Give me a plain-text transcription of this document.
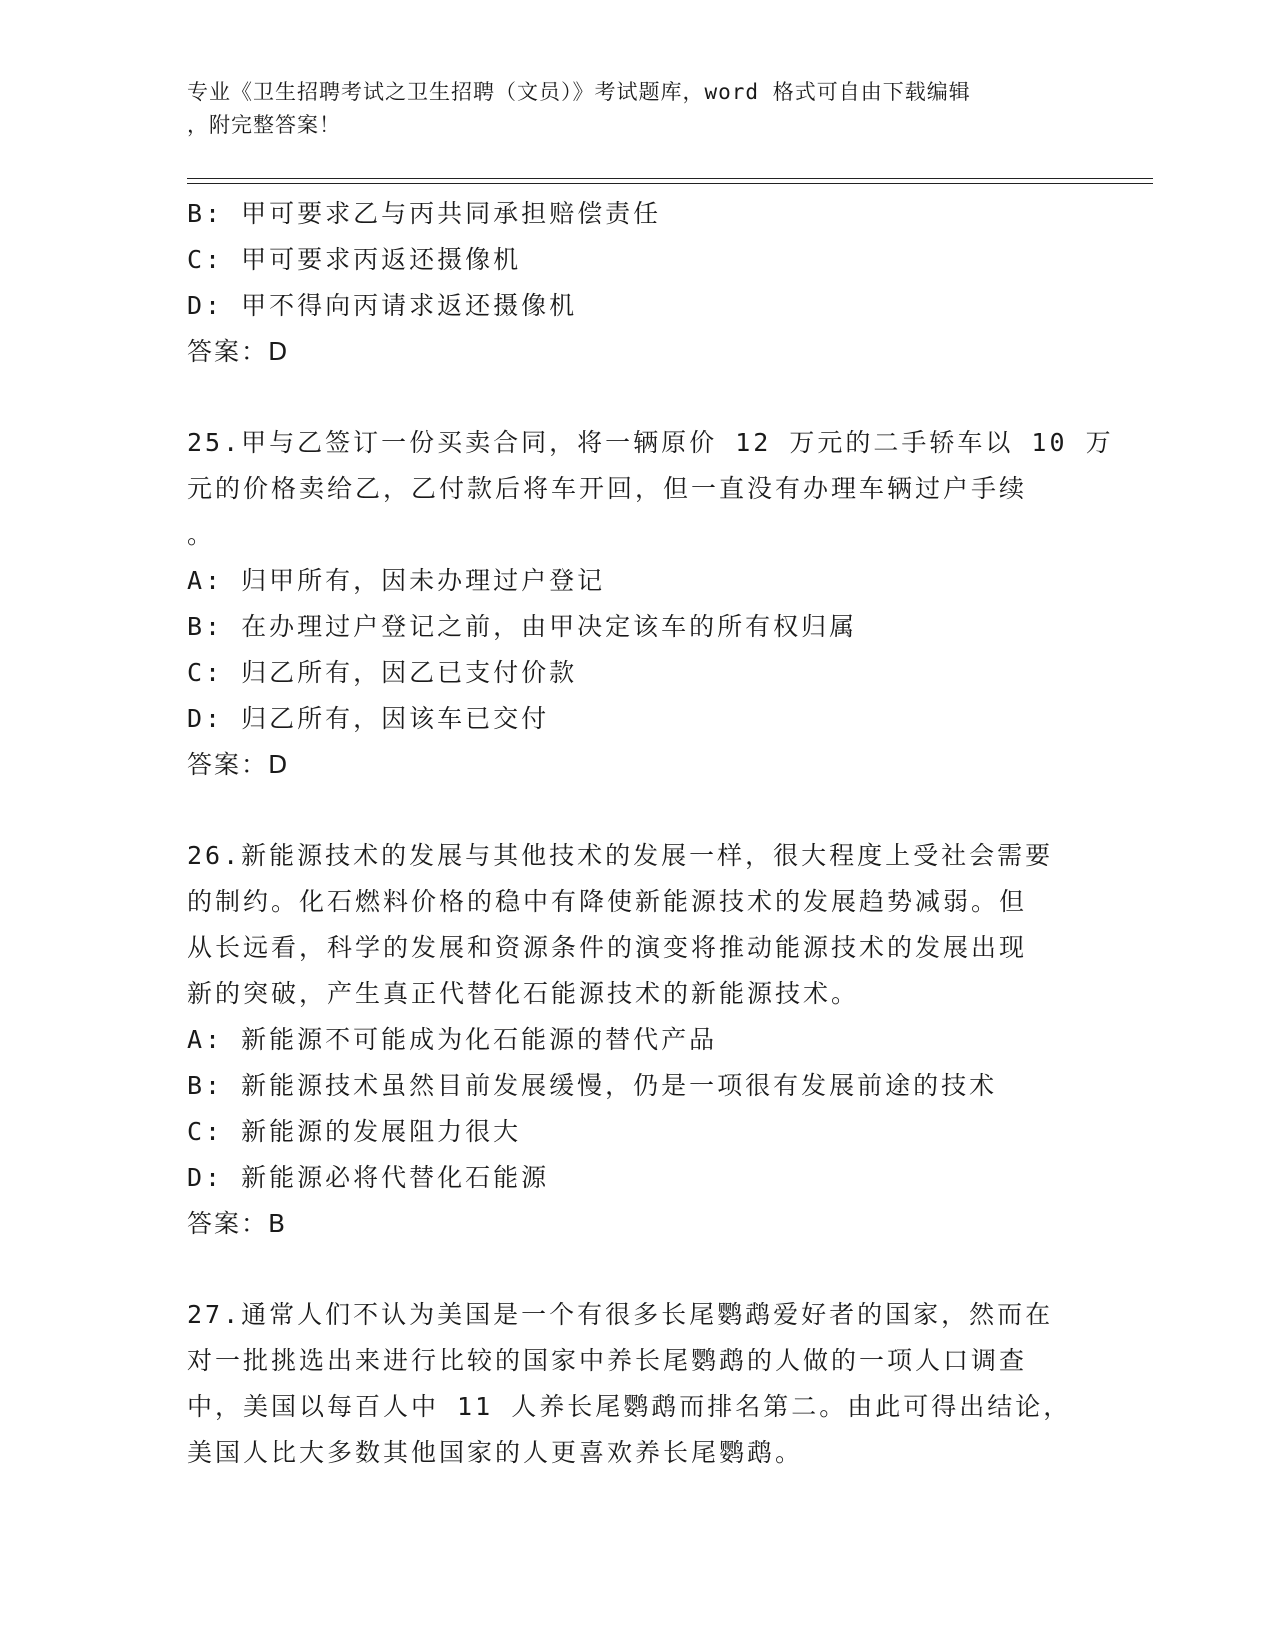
专业《卫生招聘考试之卫生招聘（文员）》考试题库，word 格式可自由下载编辑
，附完整答案！
B: 甲可要求乙与丙共同承担赔偿责任
C: 甲可要求丙返还摄像机
D: 甲不得向丙请求返还摄像机
答案：D
25.甲与乙签订一份买卖合同，将一辆原价 12 万元的二手轿车以 10 万
元的价格卖给乙，乙付款后将车开回，但一直没有办理车辆过户手续
。
A: 归甲所有，因未办理过户登记
B: 在办理过户登记之前，由甲决定该车的所有权归属
C: 归乙所有，因乙已支付价款
D: 归乙所有，因该车已交付
答案：D
26.新能源技术的发展与其他技术的发展一样，很大程度上受社会需要
的制约。化石燃料价格的稳中有降使新能源技术的发展趋势减弱。但
从长远看，科学的发展和资源条件的演变将推动能源技术的发展出现
新的突破，产生真正代替化石能源技术的新能源技术。
A: 新能源不可能成为化石能源的替代产品
B: 新能源技术虽然目前发展缓慢，仍是一项很有发展前途的技术
C: 新能源的发展阻力很大
D: 新能源必将代替化石能源
答案：B
27.通常人们不认为美国是一个有很多长尾鹦鹉爱好者的国家，然而在
对一批挑选出来进行比较的国家中养长尾鹦鹉的人做的一项人口调查
中，美国以每百人中 11 人养长尾鹦鹉而排名第二。由此可得出结论，
美国人比大多数其他国家的人更喜欢养长尾鹦鹉。
